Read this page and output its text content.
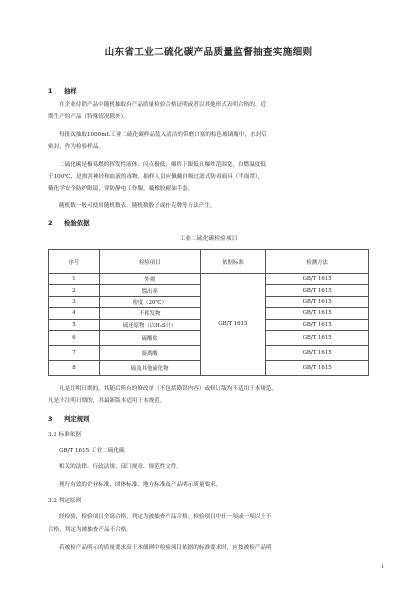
山东省工业二硫化碳产品质量监督抽查实施细则
1 抽样
在企业待销产品中随机抽取有产品质量检验合格证明或者以其他形式表明合格的、近
期生产的产品（特殊情况除外）。
每批次抽取1000mL工业二硫化碳样品装入清洁的带磨口塞的棕色玻璃瓶中，水封后
密封，作为检验样品。
二硫化碳是极易燃的挥发性液体，闪点极低，爆炸下限低且爆炸范围宽，自燃温度低
于100℃，是损害神经和血液的毒物，抽样人员应佩戴自吸过滤式防毒面具（半面罩），
戴化学安全防护眼镜，穿防静电工作服，戴橡胶耐油手套。
随机数一般可使用随机数表、随机数骰子或扑克牌等方法产生。
2 检验依据
工业二硫化碳检验项目
序号	检验项目	依据标准	检测方法
1	外观	GB/T 1615	GB/T 1615
2	馏出率		GB/T 1615
3	密度（20℃）		GB/T 1615
4	不挥发物		GB/T 1615
5	硫还原物（以H₂S计）		GB/T 1615
6	硫酸盐		GB/T 1615
7	游离酸		GB/T 1615
8	硫及其他硫化物		GB/T 1615
凡是注明日期的，其随后所有的修改单（不包括勘误内容）或修订版均不适用于本规范。
凡是不注明日期的，其最新版本适用于本规范。
3 判定规则
3.1 标准依据
GB/T 1615 工业二硫化碳
相关的法律、行政法规、部门规章、规范性文件。
现行有效的企业标准、团体标准、地方标准及产品明示质量要求。
3.2 判定原则
经检验，检验项目全部合格，判定为被抽查产品合格；检验项目中任一项或一项以上不
合格，判定为被抽查产品不合格。
若被检产品明示的质量要求高于本细则中检验项目依据的标准要求时，应按被检产品明
1
